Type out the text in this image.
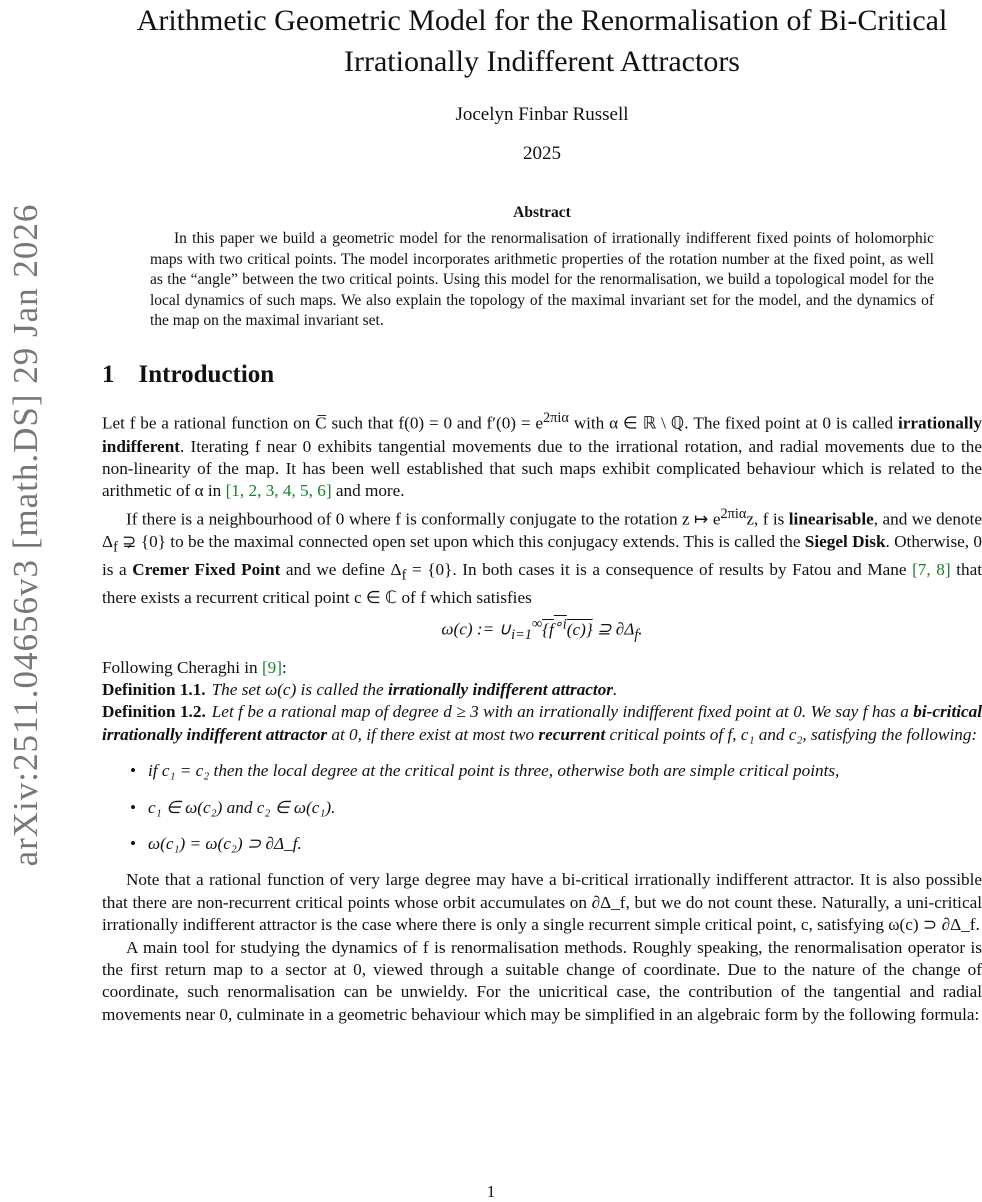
arXiv:2511.04656v3 [math.DS] 29 Jan 2026
Arithmetic Geometric Model for the Renormalisation of Bi-Critical
Irrationally Indifferent Attractors

Jocelyn Finbar Russell

2025

Abstract

In this paper we build a geometric model for the renormalisation of irrationally indifferent fixed points of holomorphic maps with two critical points. The model incorporates arithmetic properties of the rotation number at the fixed point, as well as the “angle” between the two critical points. Using this model for the renormalisation, we build a topological model for the local dynamics of such maps. We also explain the topology of the maximal invariant set for the model, and the dynamics of the map on the maximal invariant set.

1 Introduction

Let f be a rational function on C̅ such that f(0) = 0 and $f'(0) = e^{2\pi i\alpha}$ with α ∈ ℝ \ ℚ. The fixed point at 0 is called irrationally indifferent. Iterating f near 0 exhibits tangential movements due to the irrational rotation, and radial movements due to the non-linearity of the map. It has been well established that such maps exhibit complicated behaviour which is related to the arithmetic of α in [1, 2, 3, 4, 5, 6] and more.

If there is a neighbourhood of 0 where f is conformally conjugate to the rotation z ↦ $e^{2\pi i\alpha}z$, f is linearisable, and we denote $\Delta_f$ ⊋ {0} to be the maximal connected open set upon which this conjugacy extends. This is called the Siegel Disk. Otherwise, 0 is a Cremer Fixed Point and we define $\Delta_f = \{0\}$. In both cases it is a consequence of results by Fatou and Mane [7, 8] that there exists a recurrent critical point c ∈ ℂ of f which satisfies

ω(c) := $\cup_{i=1}^\infty\{f^{\circ i}(c)\}$ ⊇ $\partial\Delta_f$.

Following Cheraghi in [9]:

Definition 1.1. The set ω(c) is called the irrationally indifferent attractor.

Definition 1.2. Let f be a rational map of degree d ≥ 3 with an irrationally indifferent fixed point at 0. We say f has a bi-critical irrationally indifferent attractor at 0, if there exist at most two recurrent critical points of f, c₁ and c₂, satisfying the following:

• if c₁ = c₂ then the local degree at the critical point is three, otherwise both are simple critical points,
• c₁ ∈ ω(c₂) and c₂ ∈ ω(c₁).
• ω(c₁) = ω(c₂) ⊃ ∂Δ_f.

Note that a rational function of very large degree may have a bi-critical irrationally indifferent attractor. It is also possible that there are non-recurrent critical points whose orbit accumulates on ∂Δ_f, but we do not count these. Naturally, a uni-critical irrationally indifferent attractor is the case where there is only a single recurrent simple critical point, c, satisfying ω(c) ⊃ ∂Δ_f.

A main tool for studying the dynamics of f is renormalisation methods. Roughly speaking, the renormalisation operator is the first return map to a sector at 0, viewed through a suitable change of coordinate. Due to the nature of the change of coordinate, such renormalisation can be unwieldy. For the unicritical case, the contribution of the tangential and radial movements near 0, culminate in a geometric behaviour which may be simplified in an algebraic form by the following formula:

1
